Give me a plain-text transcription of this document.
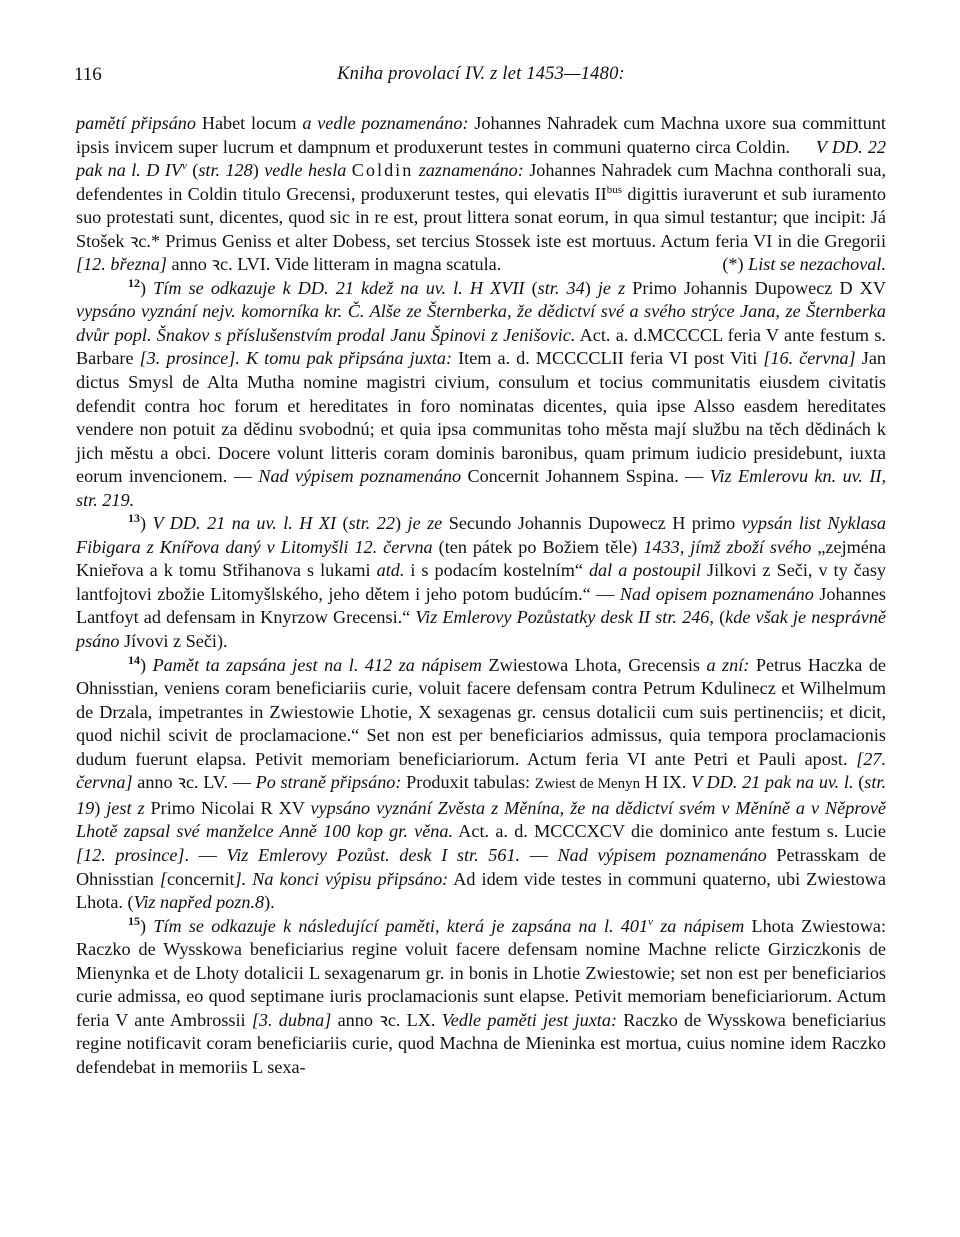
116	Kniha provolací IV. z let 1453—1480:

pamětí připsáno Habet locum a vedle poznamenáno: Johannes Nahradek cum Machna uxore sua committunt ipsis invicem super lucrum et dampnum et produxerunt testes in communi quaterno circa Coldin.     V DD. 22 pak na l. D $IV^v$ (str. 128) vedle hesla Coldin zaznamenáno: Johannes Nahradek cum Machna conthorali sua, defendentes in Coldin titulo Grecensi, produxerunt testes, qui elevatis $II^{bus}$ digittis iuraverunt et sub iuramento suo protestati sunt, dicentes, quod sic in re est, prout littera sonat eorum, in qua simul testantur; que incipit: Já Stošek ꝛc.* Primus Geniss et alter Dobess, set tercius Stossek iste est mortuus. Actum feria VI in die Gregorii [12. března] anno ꝛc. LVI. Vide litteram in magna scatula.	(*) List se nezachoval.

$^{12}$) Tím se odkazuje k DD. 21 kdež na uv. l. H XVII (str. 34) je z Primo Johannis Dupowecz D XV vypsáno vyznání nejv. komorníka kr. Č. Alše ze Šternberka, že dědictví své a svého strýce Jana, ze Šternberka dvůr popl. Šnakov s příslušenstvím prodal Janu Špinovi z Jenišovic. Act. a. d.MCCCCL feria V ante festum s. Barbare [3. prosince]. K tomu pak připsána juxta: Item a. d. MCCCCLII feria VI post Viti [16. června] Jan dictus Smysl de Alta Mutha nomine magistri civium, consulum et tocius communitatis eiusdem civitatis defendit contra hoc forum et hereditates in foro nominatas dicentes, quia ipse Alsso easdem hereditates vendere non potuit za dědinu svobodnú; et quia ipsa communitas toho města mají službu na těch dědinách k jich městu a obci. Docere volunt litteris coram dominis baronibus, quam primum iudicio presidebunt, iuxta eorum invencionem. — Nad výpisem poznamenáno Concernit Johannem Sspina. — Viz Emlerovu kn. uv. II, str. 219.

$^{13}$) V DD. 21 na uv. l. H XI (str. 22) je ze Secundo Johannis Dupowecz H primo vypsán list Nyklasa Fibigara z Knířova daný v Litomyšli 12. června (ten pátek po Božiem těle) 1433, jímž zboží svého „zejména Knieřova a k tomu Střihanova s lukami atd. i s podacím kostelním“ dal a postoupil Jilkovi z Seči, v ty časy lantfojtovi zbožie Litomyšlského, jeho dětem i jeho potom budúcím.“ — Nad opisem poznamenáno Johannes Lantfoyt ad defensam in Knyrzow Grecensi.“ Viz Emlerovy Pozůstatky desk II str. 246, (kde však je nesprávně psáno Jívovi z Seči).

$^{14}$) Pamět ta zapsána jest na l. 412 za nápisem Zwiestowa Lhota, Grecensis a zní: Petrus Haczka de Ohnisstian, veniens coram beneficiariis curie, voluit facere defensam contra Petrum Kdulinecz et Wilhelmum de Drzala, impetrantes in Zwiestowie Lhotie, X sexagenas gr. census dotalicii cum suis pertinenciis; et dicit, quod nichil scivit de proclamacione.“ Set non est per beneficiarios admissus, quia tempora proclamacionis dudum fuerunt elapsa. Petivit memoriam beneficiariorum. Actum feria VI ante Petri et Pauli apost. [27. června] anno ꝛc. LV. — Po straně připsáno: Produxit tabulas: Zwiest de Menyn H IX. V DD. 21 pak na uv. l. (str. 19) jest z Primo Nicolai R XV vypsáno vyznání Zvěsta z Měnína, že na dědictví svém v Měníně a v Něprově Lhotě zapsal své manželce Anně 100 kop gr. věna. Act. a. d. MCCCXCV die dominico ante festum s. Lucie [12. prosince]. — Viz Emlerovy Pozůst. desk I str. 561. — Nad výpisem poznamenáno Petrasskam de Ohnisstian [concernit]. Na konci výpisu připsáno: Ad idem vide testes in communi quaterno, ubi Zwiestowa Lhota. (Viz napřed pozn.8).

$^{15}$) Tím se odkazuje k následující paměti, která je zapsána na l. 401$^v$ za nápisem Lhota Zwiestowa: Raczko de Wysskowa beneficiarius regine voluit facere defensam nomine Machne relicte Girziczkonis de Mienynka et de Lhoty dotalicii L sexagenarum gr. in bonis in Lhotie Zwiestowie; set non est per beneficiarios curie admissa, eo quod septimane iuris proclamacionis sunt elapse. Petivit memoriam beneficiariorum. Actum feria V ante Ambrossii [3. dubna] anno ꝛc. LX. Vedle paměti jest juxta: Raczko de Wysskowa beneficiarius regine notificavit coram beneficiariis curie, quod Machna de Mieninka est mortua, cuius nomine idem Raczko defendebat in memoriis L sexa-
